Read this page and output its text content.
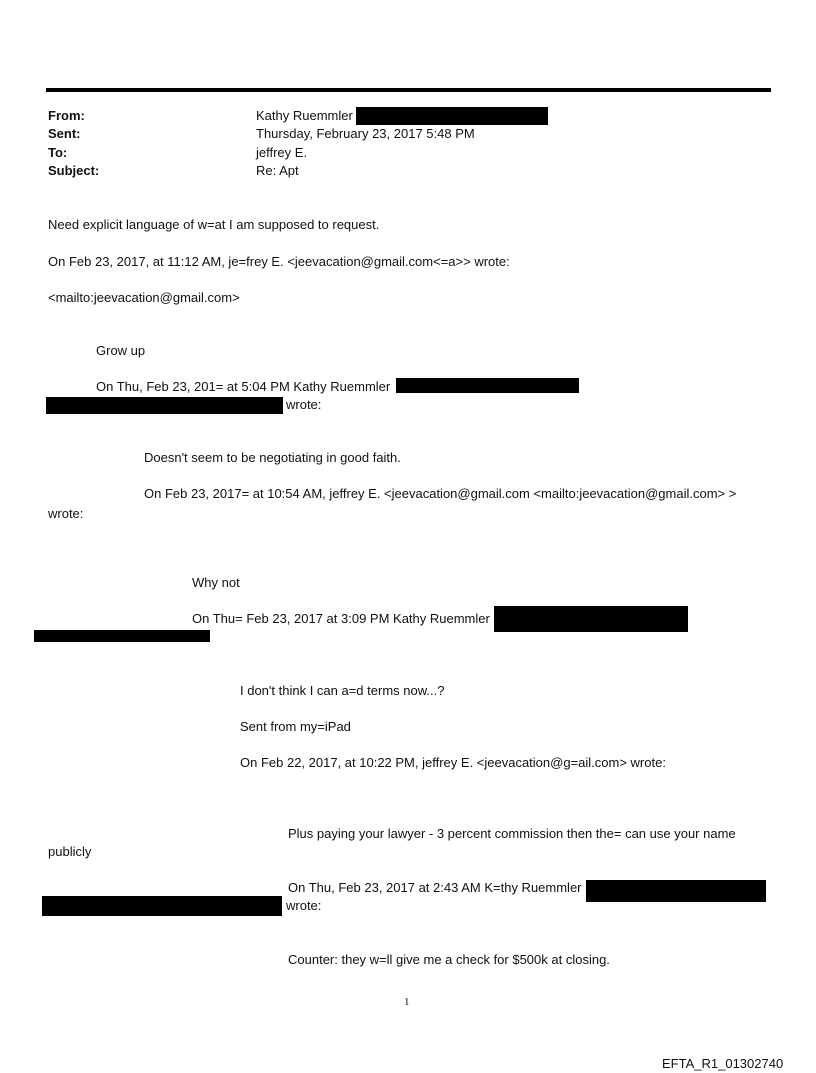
From:	Kathy Ruemmler
Sent:	Thursday, February 23, 2017 5:48 PM
To:	jeffrey E.
Subject:	Re: Apt
Need explicit language of w=at I am supposed to request.
On Feb 23, 2017, at 11:12 AM, je=frey E. <jeevacation@gmail.com<=a>> wrote:
<mailto:jeevacation@gmail.com>
Grow up
On Thu, Feb 23, 201= at 5:04 PM Kathy Ruemmler
wrote:
Doesn't seem to be negotiating in good faith.
On Feb 23, 2017= at 10:54 AM, jeffrey E. <jeevacation@gmail.com <mailto:jeevacation@gmail.com> >
wrote:
Why not
On Thu= Feb 23, 2017 at 3:09 PM Kathy Ruemmler
I don't think I can a=d terms now...?
Sent from my=iPad
On Feb 22, 2017, at 10:22 PM, jeffrey E. <jeevacation@g=ail.com> wrote:
Plus paying your lawyer - 3 percent commission then the= can use your name
publicly
On Thu, Feb 23, 2017 at 2:43 AM K=thy Ruemmler
wrote:
Counter: they w=ll give me a check for $500k at closing.
1
EFTA_R1_01302740
